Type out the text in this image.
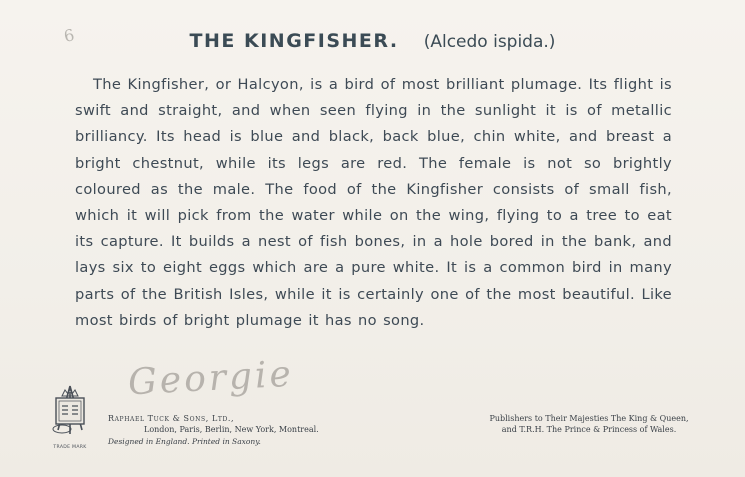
6	THE KINGFISHER. (Alcedo ispida.)
The Kingfisher, or Halcyon, is a bird of most brilliant plumage. Its flight is swift and straight, and when seen flying in the sunlight it is of metallic brilliancy. Its head is blue and black, back blue, chin white, and breast a bright chestnut, while its legs are red. The female is not so brightly coloured as the male. The food of the Kingfisher consists of small fish, which it will pick from the water while on the wing, flying to a tree to eat its capture. It builds a nest of fish bones, in a hole bored in the bank, and lays six to eight eggs which are a pure white. It is a common bird in many parts of the British Isles, while it is certainly one of the most beautiful. Like most birds of bright plumage it has no song.
Georgie
TRADE MARK
Raphael Tuck & Sons, Ltd.,
London, Paris, Berlin, New York, Montreal.
Designed in England. Printed in Saxony.
Publishers to Their Majesties The King & Queen,
and T.R.H. The Prince & Princess of Wales.
